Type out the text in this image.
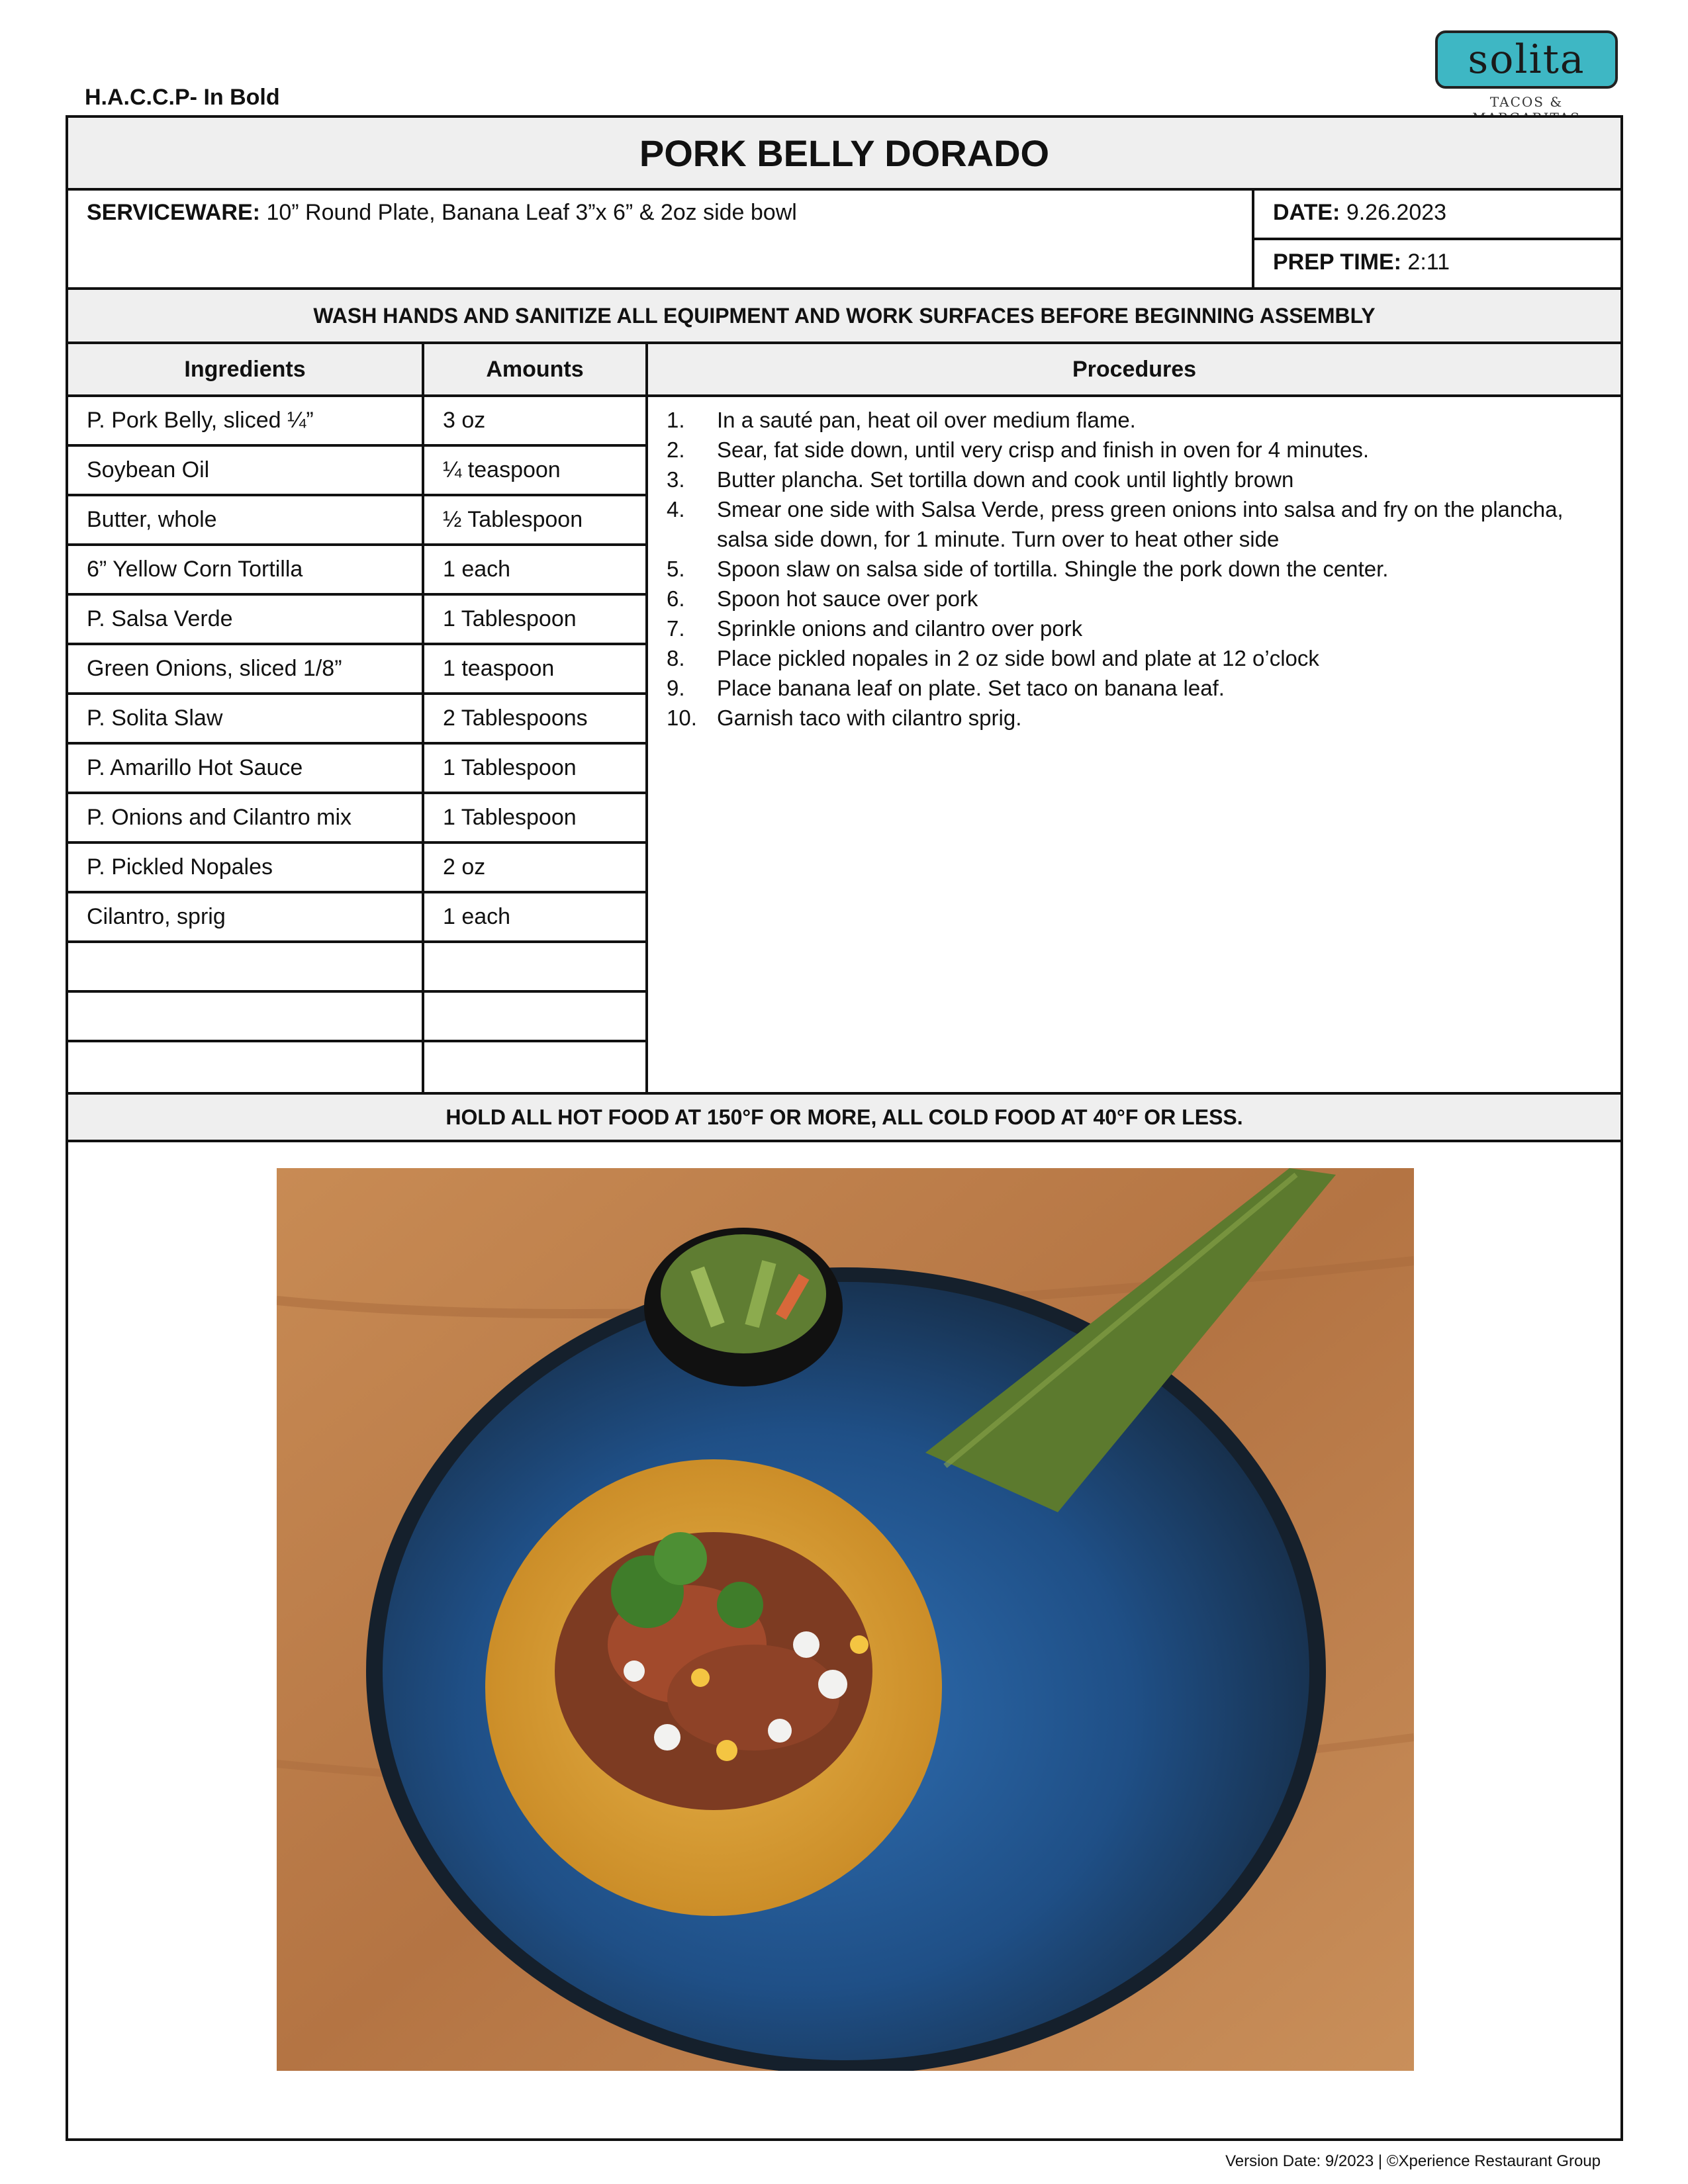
H.A.C.C.P- In Bold
solita
TACOS &
PORK BELLY DORADO
SERVICEWARE: 10” Round Plate, Banana Leaf 3”x 6” & 2oz side bowl	DATE: 9.26.2023
PREP TIME: 2:11
WASH HANDS AND SANITIZE ALL EQUIPMENT AND WORK SURFACES BEFORE BEGINNING ASSEMBLY
Ingredients	Amounts	Procedures
P. Pork Belly, sliced ¼”	3 oz
Soybean Oil	¼ teaspoon
Butter, whole	½ Tablespoon
6” Yellow Corn Tortilla	1 each
P. Salsa Verde	1 Tablespoon
Green Onions, sliced 1/8”	1 teaspoon
P. Solita Slaw	2 Tablespoons
P. Amarillo Hot Sauce	1 Tablespoon
P. Onions and Cilantro mix	1 Tablespoon
P. Pickled Nopales	2 oz
Cilantro, sprig	1 each
1.	In a sauté pan, heat oil over medium flame.
2.	Sear, fat side down, until very crisp and finish in oven for 4 minutes.
3.	Butter plancha. Set tortilla down and cook until lightly brown
4.	Smear one side with Salsa Verde, press green onions into salsa and fry on the plancha, salsa side down, for 1 minute. Turn over to heat other side
5.	Spoon slaw on salsa side of tortilla. Shingle the pork down the center.
6.	Spoon hot sauce over pork
7.	Sprinkle onions and cilantro over pork
8.	Place pickled nopales in 2 oz side bowl and plate at 12 o’clock
9.	Place banana leaf on plate. Set taco on banana leaf.
10. Garnish taco with cilantro sprig.
HOLD ALL HOT FOOD AT 150°F OR MORE, ALL COLD FOOD AT 40°F OR LESS.
Version Date: 9/2023 | ©Xperience Restaurant Group
